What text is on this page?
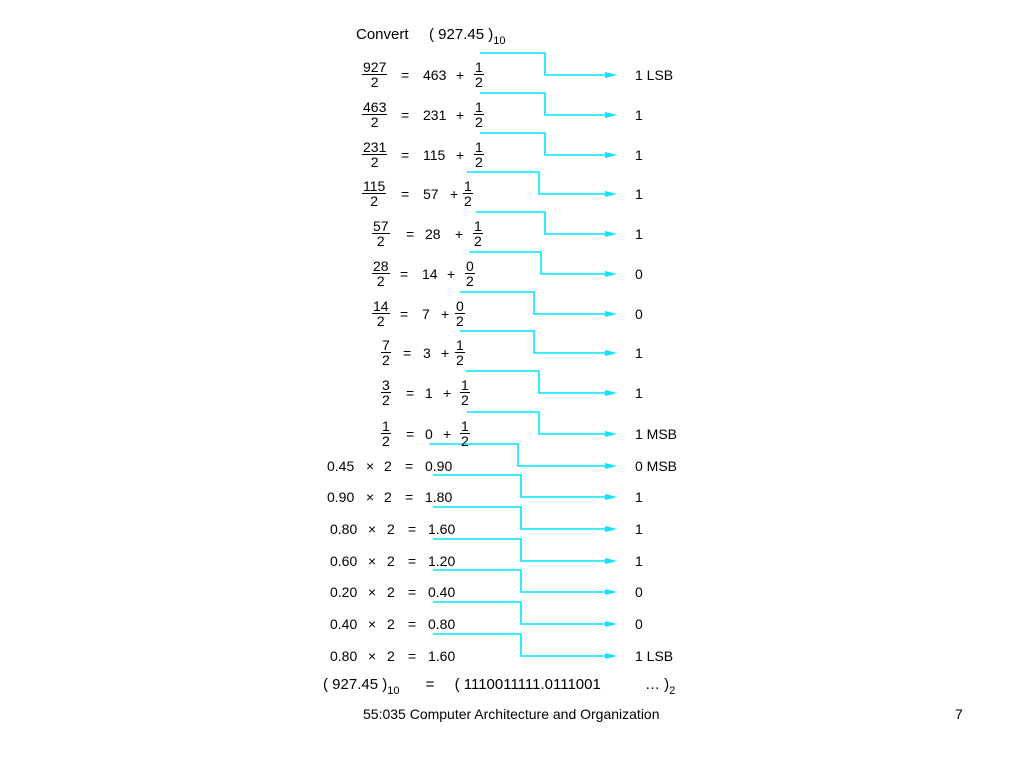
Convert ( 927.45 )$_{10}$
$\frac{927}{2} = 463 + \frac{1}{2}$	1 LSB
$\frac{463}{2} = 231 + \frac{1}{2}$	1
$\frac{231}{2} = 115 + \frac{1}{2}$	1
$\frac{115}{2} = 57 + \frac{1}{2}$	1
$\frac{57}{2} = 28 + \frac{1}{2}$	1
$\frac{28}{2} = 14 + \frac{0}{2}$	0
$\frac{14}{2} = 7 + \frac{0}{2}$	0
$\frac{7}{2} = 3 + \frac{1}{2}$	1
$\frac{3}{2} = 1 + \frac{1}{2}$	1
$\frac{1}{2} = 0 + \frac{1}{2}$	1 MSB
0.45 × 2 = 0.90	0 MSB
0.90 × 2 = 1.80	1
0.80 × 2 = 1.60	1
0.60 × 2 = 1.20	1
0.20 × 2 = 0.40	0
0.40 × 2 = 0.80	0
0.80 × 2 = 1.60	1 LSB
( 927.45 )$_{10}$ = ( 1110011111.0111001	… )$_2$
55:035 Computer Architecture and Organization	7
